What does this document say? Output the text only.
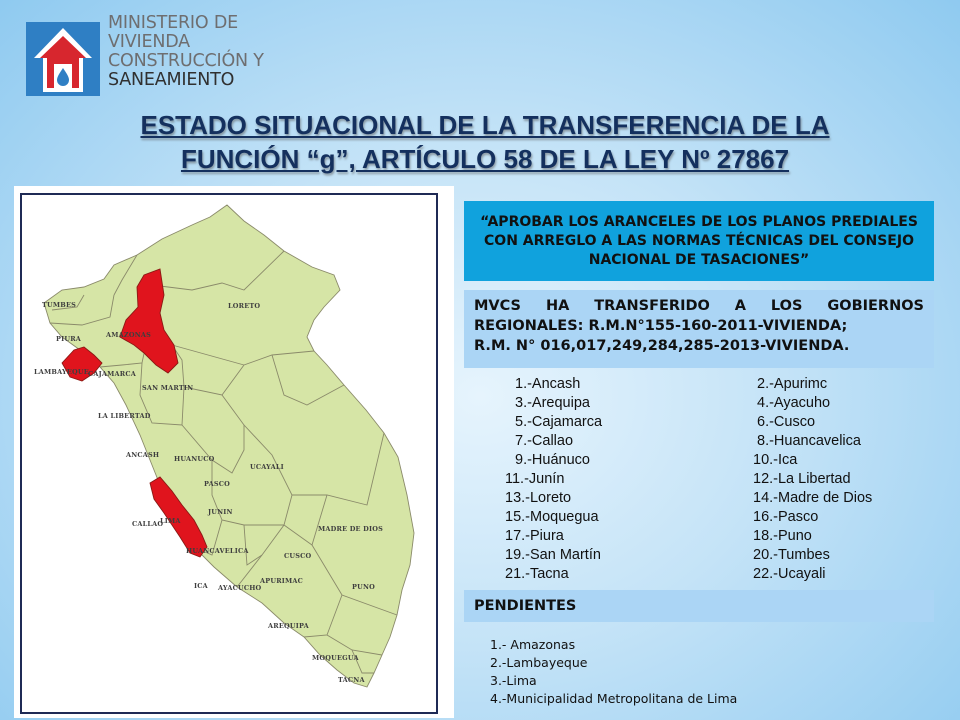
MINISTERIO DE
VIVIENDA
CONSTRUCCIÓN Y
SANEAMIENTO
ESTADO SITUACIONAL DE LA TRANSFERENCIA DE LA
FUNCIÓN “g”, ARTÍCULO 58 DE LA LEY Nº 27867
TUMBES	LORETO
AMAZONAS
PIURA
LAMBAYEQUE CAJAMARCA
SAN MARTIN
LA LIBERTAD
ANCASH HUANUCO
UCAYALI
PASCO
JUNIN
CALLAO
LIMA
MADRE DE DIOS
HUANCAVELICA
CUSCO
ICA AYACUCHO
APURIMAC
PUNO
AREQUIPA
MOQUEGUA
TACNA
“APROBAR LOS ARANCELES DE LOS PLANOS PREDIALES CON ARREGLO A LAS NORMAS TÉCNICAS DEL CONSEJO NACIONAL DE TASACIONES”
MVCS HA TRANSFERIDO A LOS GOBIERNOS REGIONALES: R.M.N°155-160-2011-VIVIENDA;
R.M. N° 016,017,249,284,285-2013-VIVIENDA.
1.-Ancash	2.-Apurimc
3.-Arequipa	4.-Ayacuho
5.-Cajamarca	6.-Cusco
7.-Callao	8.-Huancavelica
9.-Huánuco	10.-Ica
11.-Junín	12.-La Libertad
13.-Loreto	14.-Madre de Dios
15.-Moquegua	16.-Pasco
17.-Piura	18.-Puno
19.-San Martín	20.-Tumbes
21.-Tacna	22.-Ucayali
PENDIENTES
1.- Amazonas
2.-Lambayeque
3.-Lima
4.-Municipalidad Metropolitana de Lima
